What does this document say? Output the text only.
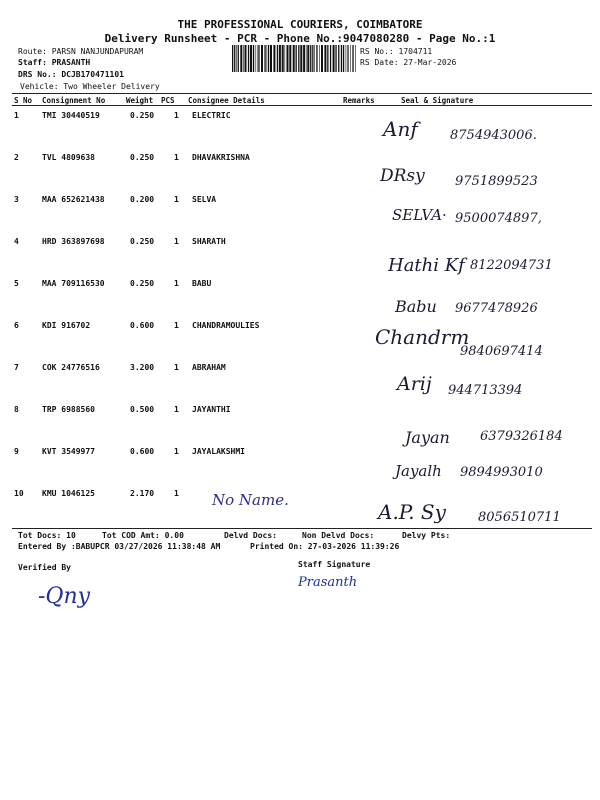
THE PROFESSIONAL COURIERS, COIMBATORE
Delivery Runsheet - PCR - Phone No.:9047080280 - Page No.:1
Route: PARSN NANJUNDAPURAM
Staff: PRASANTH
DRS No.: DCJB170471101
Vehicle: Two Wheeler Delivery
RS No.: 1704711
RS Date: 27-Mar-2026
S No Consignment No	Weight PCS Consignee Details	Remarks	Seal & Signature
1	TMI 30440519	0.250 1 ELECTRIC
Anf 8754943006.
2	TVL 4809638	0.250 1 DHAVAKRISHNA
DRsy 9751899523
3	MAA 652621438	0.200 1 SELVA
SELVA· 9500074897,
4	HRD 363897698	0.250 1 SHARATH
Hathi Kf 8122094731
5	MAA 709116530	0.250 1 BABU
Babu 9677478926
6	KDI 916702	0.600 1 CHANDRAMOULIES	Chandrm
9840697414
7	COK 24776516	3.200 1 ABRAHAM
Arij 944713394
8	TRP 6988560	0.500 1 JAYANTHI
Jayan 6379326184
9	KVT 3549977	0.600 1 JAYALAKSHMI
Jayalh 9894993010
10 KMU 1046125	2.170 1 No Name.	A.P. Sy 8056510711
Tot Docs: 10	Tot COD Amt: 0.00	Delvd Docs:	Non Delvd Docs:	Delvy Pts:
Entered By :BABUPCR 03/27/2026 11:38:48 AM	Printed On: 27-03-2026 11:39:26
Verified By	Staff Signature
-Qny
Prasanth
